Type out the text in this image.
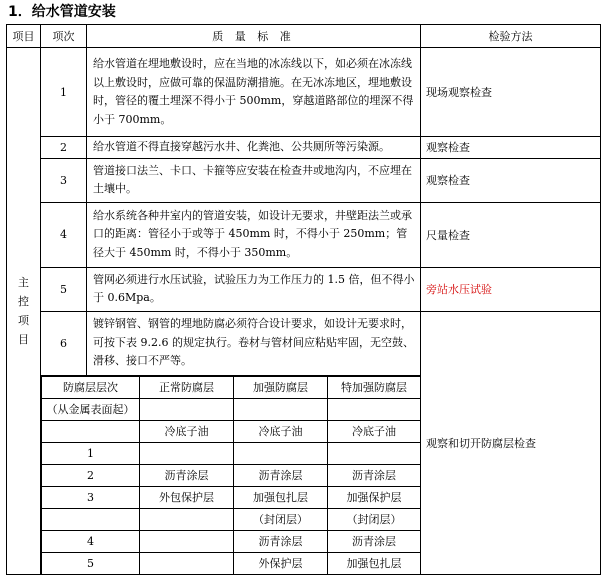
1．给水管道安装
项目	项次	质 量 标 准	检验方法

主
控
项
目
	1	给水管道在埋地敷设时，应在当地的冰冻线以下，如必须在冰冻线以上敷设时，应做可靠的保温防潮措施。在无冰冻地区，埋地敷设时，管径的覆土埋深不得小于 500mm，穿越道路部位的埋深不得小于 700mm。	现场观察检查
2	给水管道不得直接穿越污水井、化粪池、公共厕所等污染源。	观察检查
3	管道接口法兰、卡口、卡箍等应安装在检查井或地沟内，不应埋在土壤中。	观察检查
4	给水系统各种井室内的管道安装，如设计无要求，井壁距法兰或承口的距离：管径小于或等于 450mm 时，不得小于 250mm；管径大于 450mm 时，不得小于 350mm。	尺量检查
5	管网必须进行水压试验，试验压力为工作压力的 1.5 倍，但不得小于 0.6Mpa。	旁站水压试验
6	镀锌钢管、钢管的埋地防腐必须符合设计要求，如设计无要求时，可按下表 9.2.6 的规定执行。卷材与管材间应粘贴牢固，无空鼓、滑移、接口不严等。	观察和切开防腐层检查

防腐层层次	正常防腐层	加强防腐层	特加强防腐层
（从金属表面起）			
	冷底子油	冷底子油	冷底子油
1			
2	沥青涂层	沥青涂层	沥青涂层
3	外包保护层	加强包扎层	加强保护层
		（封闭层）	（封闭层）
4		沥青涂层	沥青涂层
5		外保护层	加强包扎层
